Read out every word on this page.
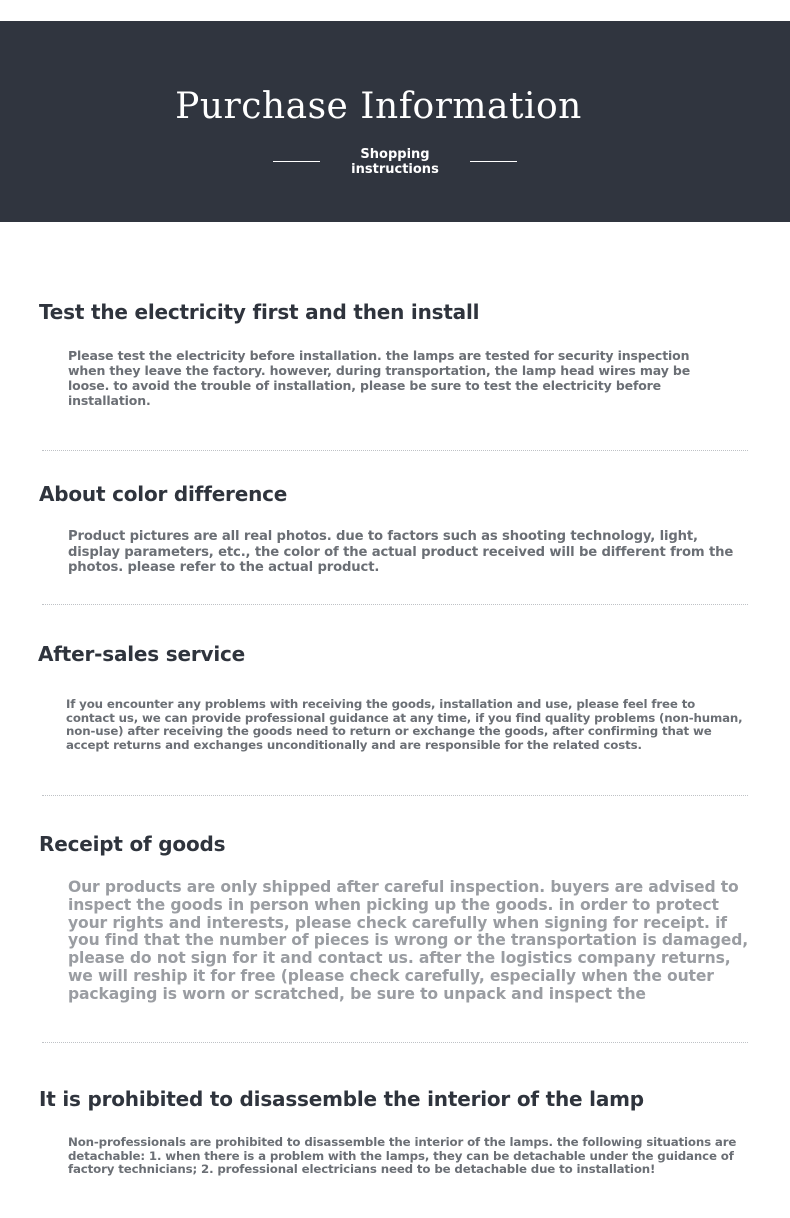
Purchase Information
Shopping
instructions
Test the electricity first and then install
Please test the electricity before installation. the lamps are tested for security inspection when they leave the factory. however, during transportation, the lamp head wires may be loose. to avoid the trouble of installation, please be sure to test the electricity before installation.
About color difference
Product pictures are all real photos. due to factors such as shooting technology, light, display parameters, etc., the color of the actual product received will be different from the photos. please refer to the actual product.
After-sales service
If you encounter any problems with receiving the goods, installation and use, please feel free to contact us, we can provide professional guidance at any time, if you find quality problems (non-human, non-use) after receiving the goods need to return or exchange the goods, after confirming that we accept returns and exchanges unconditionally and are responsible for the related costs.
Receipt of goods
Our products are only shipped after careful inspection. buyers are advised to inspect the goods in person when picking up the goods. in order to protect your rights and interests, please check carefully when signing for receipt. if you find that the number of pieces is wrong or the transportation is damaged, please do not sign for it and contact us. after the logistics company returns, we will reship it for free (please check carefully, especially when the outer packaging is worn or scratched, be sure to unpack and inspect the
It is prohibited to disassemble the interior of the lamp
Non-professionals are prohibited to disassemble the interior of the lamps. the following situations are detachable: 1. when there is a problem with the lamps, they can be detachable under the guidance of factory technicians; 2. professional electricians need to be detachable due to installation!
